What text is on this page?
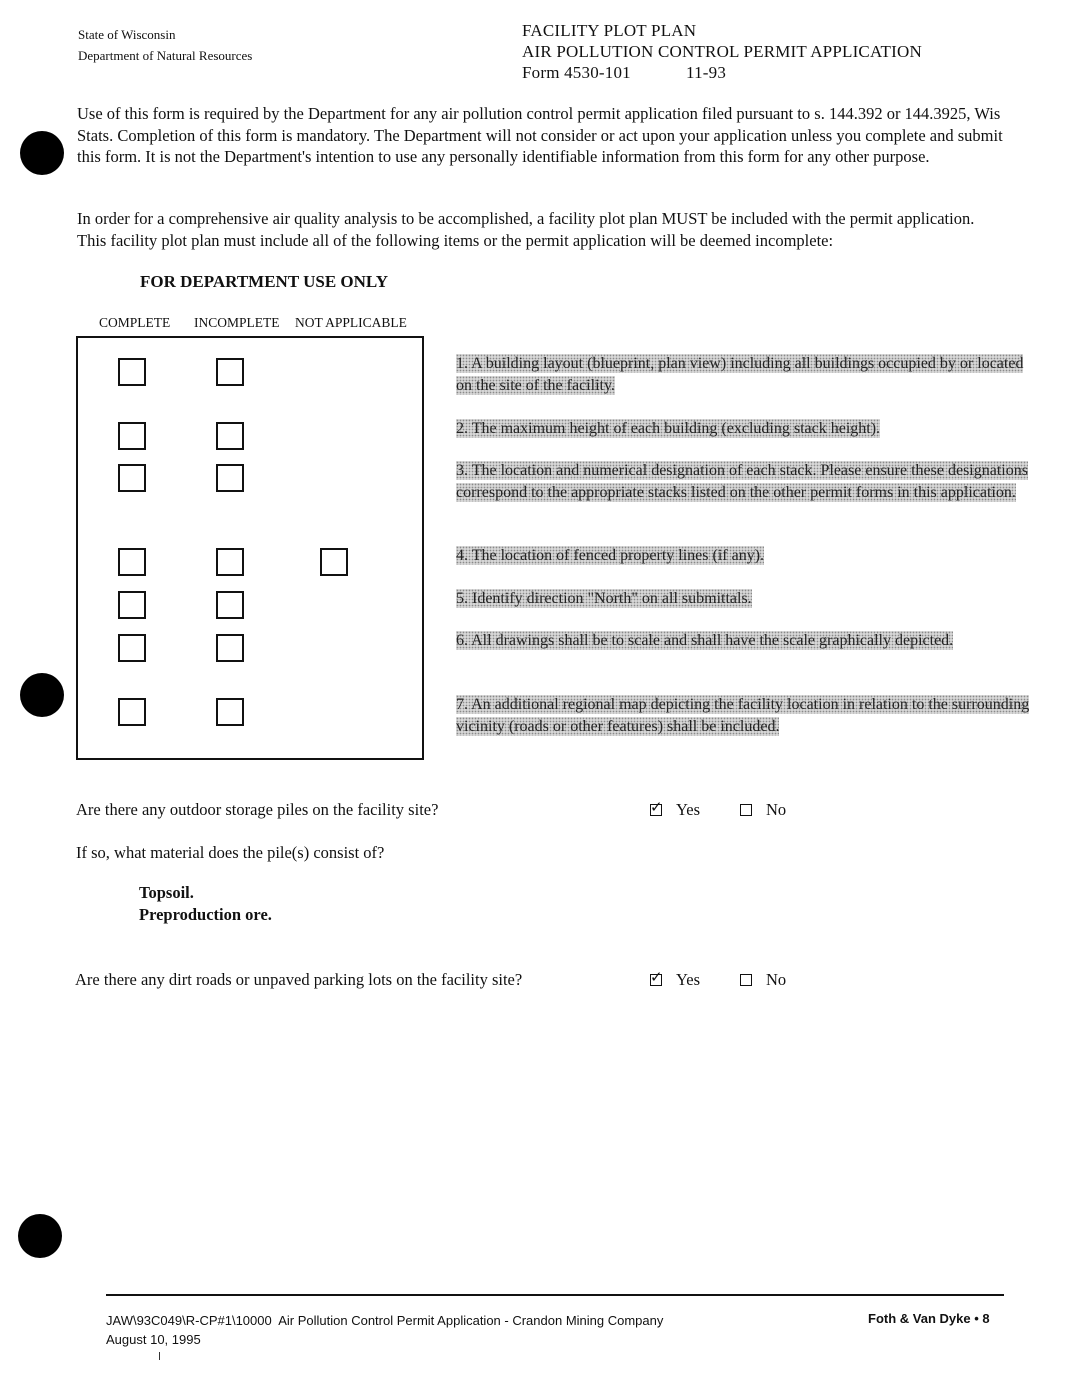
State of Wisconsin
Department of Natural Resources
FACILITY PLOT PLAN
AIR POLLUTION CONTROL PERMIT APPLICATION
Form 4530-101	11-93
Use of this form is required by the Department for any air pollution control permit application filed pursuant to s. 144.392 or 144.3925, Wis Stats. Completion of this form is mandatory. The Department will not consider or act upon your application unless you complete and submit this form. It is not the Department's intention to use any personally identifiable information from this form for any other purpose.
In order for a comprehensive air quality analysis to be accomplished, a facility plot plan MUST be included with the permit application. This facility plot plan must include all of the following items or the permit application will be deemed incomplete:
FOR DEPARTMENT USE ONLY
COMPLETE INCOMPLETE NOT APPLICABLE
1. A building layout (blueprint, plan view) including all buildings occupied by or located on the site of the facility.
2. The maximum height of each building (excluding stack height).
3. The location and numerical designation of each stack. Please ensure these designations correspond to the appropriate stacks listed on the other permit forms in this application.
4. The location of fenced property lines (if any).
5. Identify direction "North" on all submittals.
6. All drawings shall be to scale and shall have the scale graphically depicted.
7. An additional regional map depicting the facility location in relation to the surrounding vicinity (roads or other features) shall be included.
Are there any outdoor storage piles on the facility site?	✓ Yes	No
If so, what material does the pile(s) consist of?
Topsoil.
Preproduction ore.
Are there any dirt roads or unpaved parking lots on the facility site?	✓ Yes	No
JAW\93C049\R-CP#1\10000 Air Pollution Control Permit Application - Crandon Mining Company
August 10, 1995
Foth & Van Dyke • 8
